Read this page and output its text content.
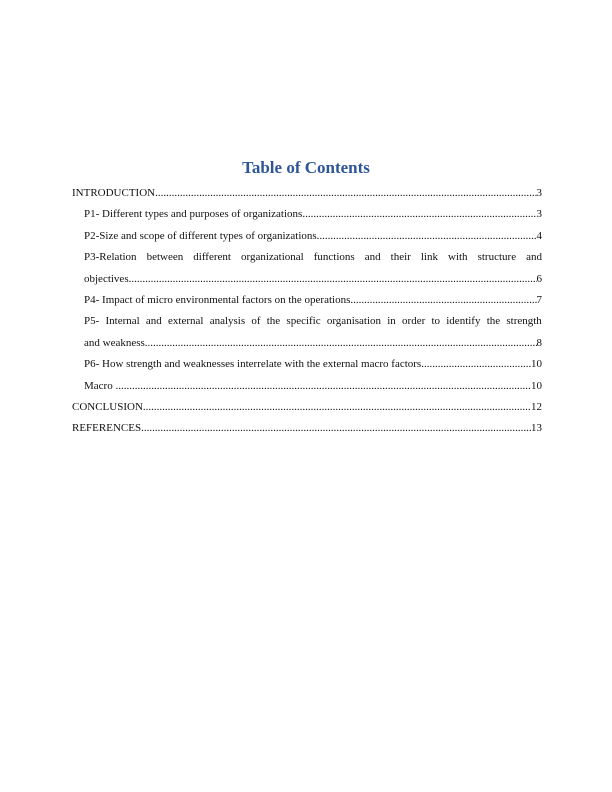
Table of Contents
INTRODUCTION .....	3
P1- Different types and purposes of organizations .....	3
P2-Size and scope of different types of organizations .....	4
P3-Relation between different organizational functions and their link with structure and
objectives .....	6
P4- Impact of micro environmental factors on the operations .....	7
P5- Internal and external analysis of the specific organisation in order to identify the strength
and weakness .....	8
P6- How strength and weaknesses interrelate with the external macro factors .....	10
Macro .....	10
CONCLUSION .....	12
REFERENCES .....	13
